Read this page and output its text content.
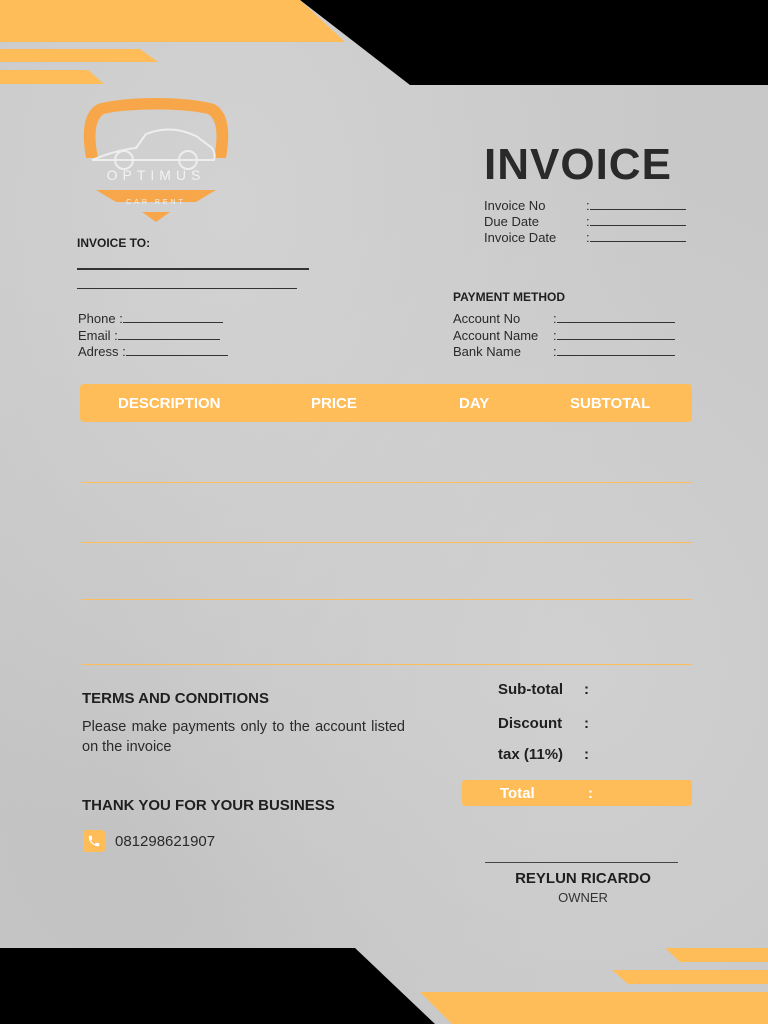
OPTIMUS
CAR RENT
INVOICE
Invoice No	:
Due Date	:
Invoice Date :
INVOICE TO:
Phone :
Email :
Adress :
PAYMENT METHOD
Account No	:
Account Name :
Bank Name :
DESCRIPTION	PRICE	DAY	SUBTOTAL
TERMS AND CONDITIONS
Please make payments only to the account listed on the invoice
THANK YOU FOR YOUR BUSINESS
081298621907
Sub-total :
Discount :
tax (11%) :
Total	:
REYLUN RICARDO
OWNER
